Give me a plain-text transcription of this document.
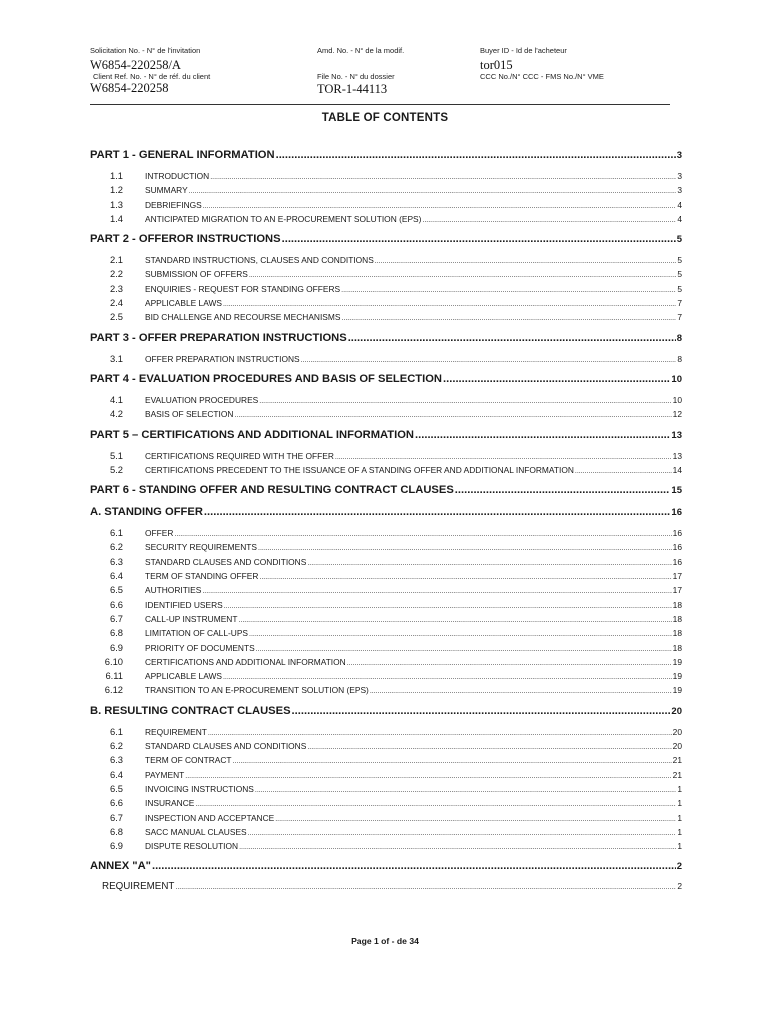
Solicitation No. - N° de l'invitation
W6854-220258/A
Client Ref. No. - N° de réf. du client
W6854-220258
Amd. No. - N° de la modif.
File No. - N° du dossier
TOR-1-44113
Buyer ID - Id de l'acheteur
tor015
CCC No./N° CCC - FMS No./N° VME
TABLE OF CONTENTS
PART 1 - GENERAL INFORMATION .....	3
1.1	INTRODUCTION .....	3
1.2	SUMMARY .....	3
1.3	DEBRIEFINGS .....	4
1.4	ANTICIPATED MIGRATION TO AN E-PROCUREMENT SOLUTION (EPS) .....	4
PART 2 - OFFEROR INSTRUCTIONS .....	5
2.1	STANDARD INSTRUCTIONS, CLAUSES AND CONDITIONS .....	5
2.2	SUBMISSION OF OFFERS .....	5
2.3	ENQUIRIES - REQUEST FOR STANDING OFFERS .....	5
2.4	APPLICABLE LAWS .....	7
2.5	BID CHALLENGE AND RECOURSE MECHANISMS .....	7
PART 3 - OFFER PREPARATION INSTRUCTIONS .....	8
3.1	OFFER PREPARATION INSTRUCTIONS .....	8
PART 4 - EVALUATION PROCEDURES AND BASIS OF SELECTION .....	10
4.1	EVALUATION PROCEDURES .....	10
4.2	BASIS OF SELECTION .....	12
PART 5 – CERTIFICATIONS AND ADDITIONAL INFORMATION .....	13
5.1	CERTIFICATIONS REQUIRED WITH THE OFFER .....	13
5.2	CERTIFICATIONS PRECEDENT TO THE ISSUANCE OF A STANDING OFFER AND ADDITIONAL INFORMATION .....	14
PART 6 - STANDING OFFER AND RESULTING CONTRACT CLAUSES .....	15
A. STANDING OFFER .....	16
6.1	OFFER .....	16
6.2	SECURITY REQUIREMENTS .....	16
6.3	STANDARD CLAUSES AND CONDITIONS .....	16
6.4	TERM OF STANDING OFFER .....	17
6.5	AUTHORITIES .....	17
6.6	IDENTIFIED USERS .....	18
6.7	CALL-UP INSTRUMENT .....	18
6.8	LIMITATION OF CALL-UPS .....	18
6.9	PRIORITY OF DOCUMENTS .....	18
6.10	CERTIFICATIONS AND ADDITIONAL INFORMATION .....	19
6.11	APPLICABLE LAWS .....	19
6.12	TRANSITION TO AN E-PROCUREMENT SOLUTION (EPS) .....	19
B. RESULTING CONTRACT CLAUSES .....	20
6.1	REQUIREMENT .....	20
6.2	STANDARD CLAUSES AND CONDITIONS .....	20
6.3	TERM OF CONTRACT .....	21
6.4	PAYMENT .....	21
6.5	INVOICING INSTRUCTIONS .....	1
6.6	INSURANCE .....	1
6.7	INSPECTION AND ACCEPTANCE .....	1
6.8	SACC MANUAL CLAUSES .....	1
6.9	DISPUTE RESOLUTION .....	1
ANNEX "A" .....	2
REQUIREMENT .....	2
Page 1 of - de 34
